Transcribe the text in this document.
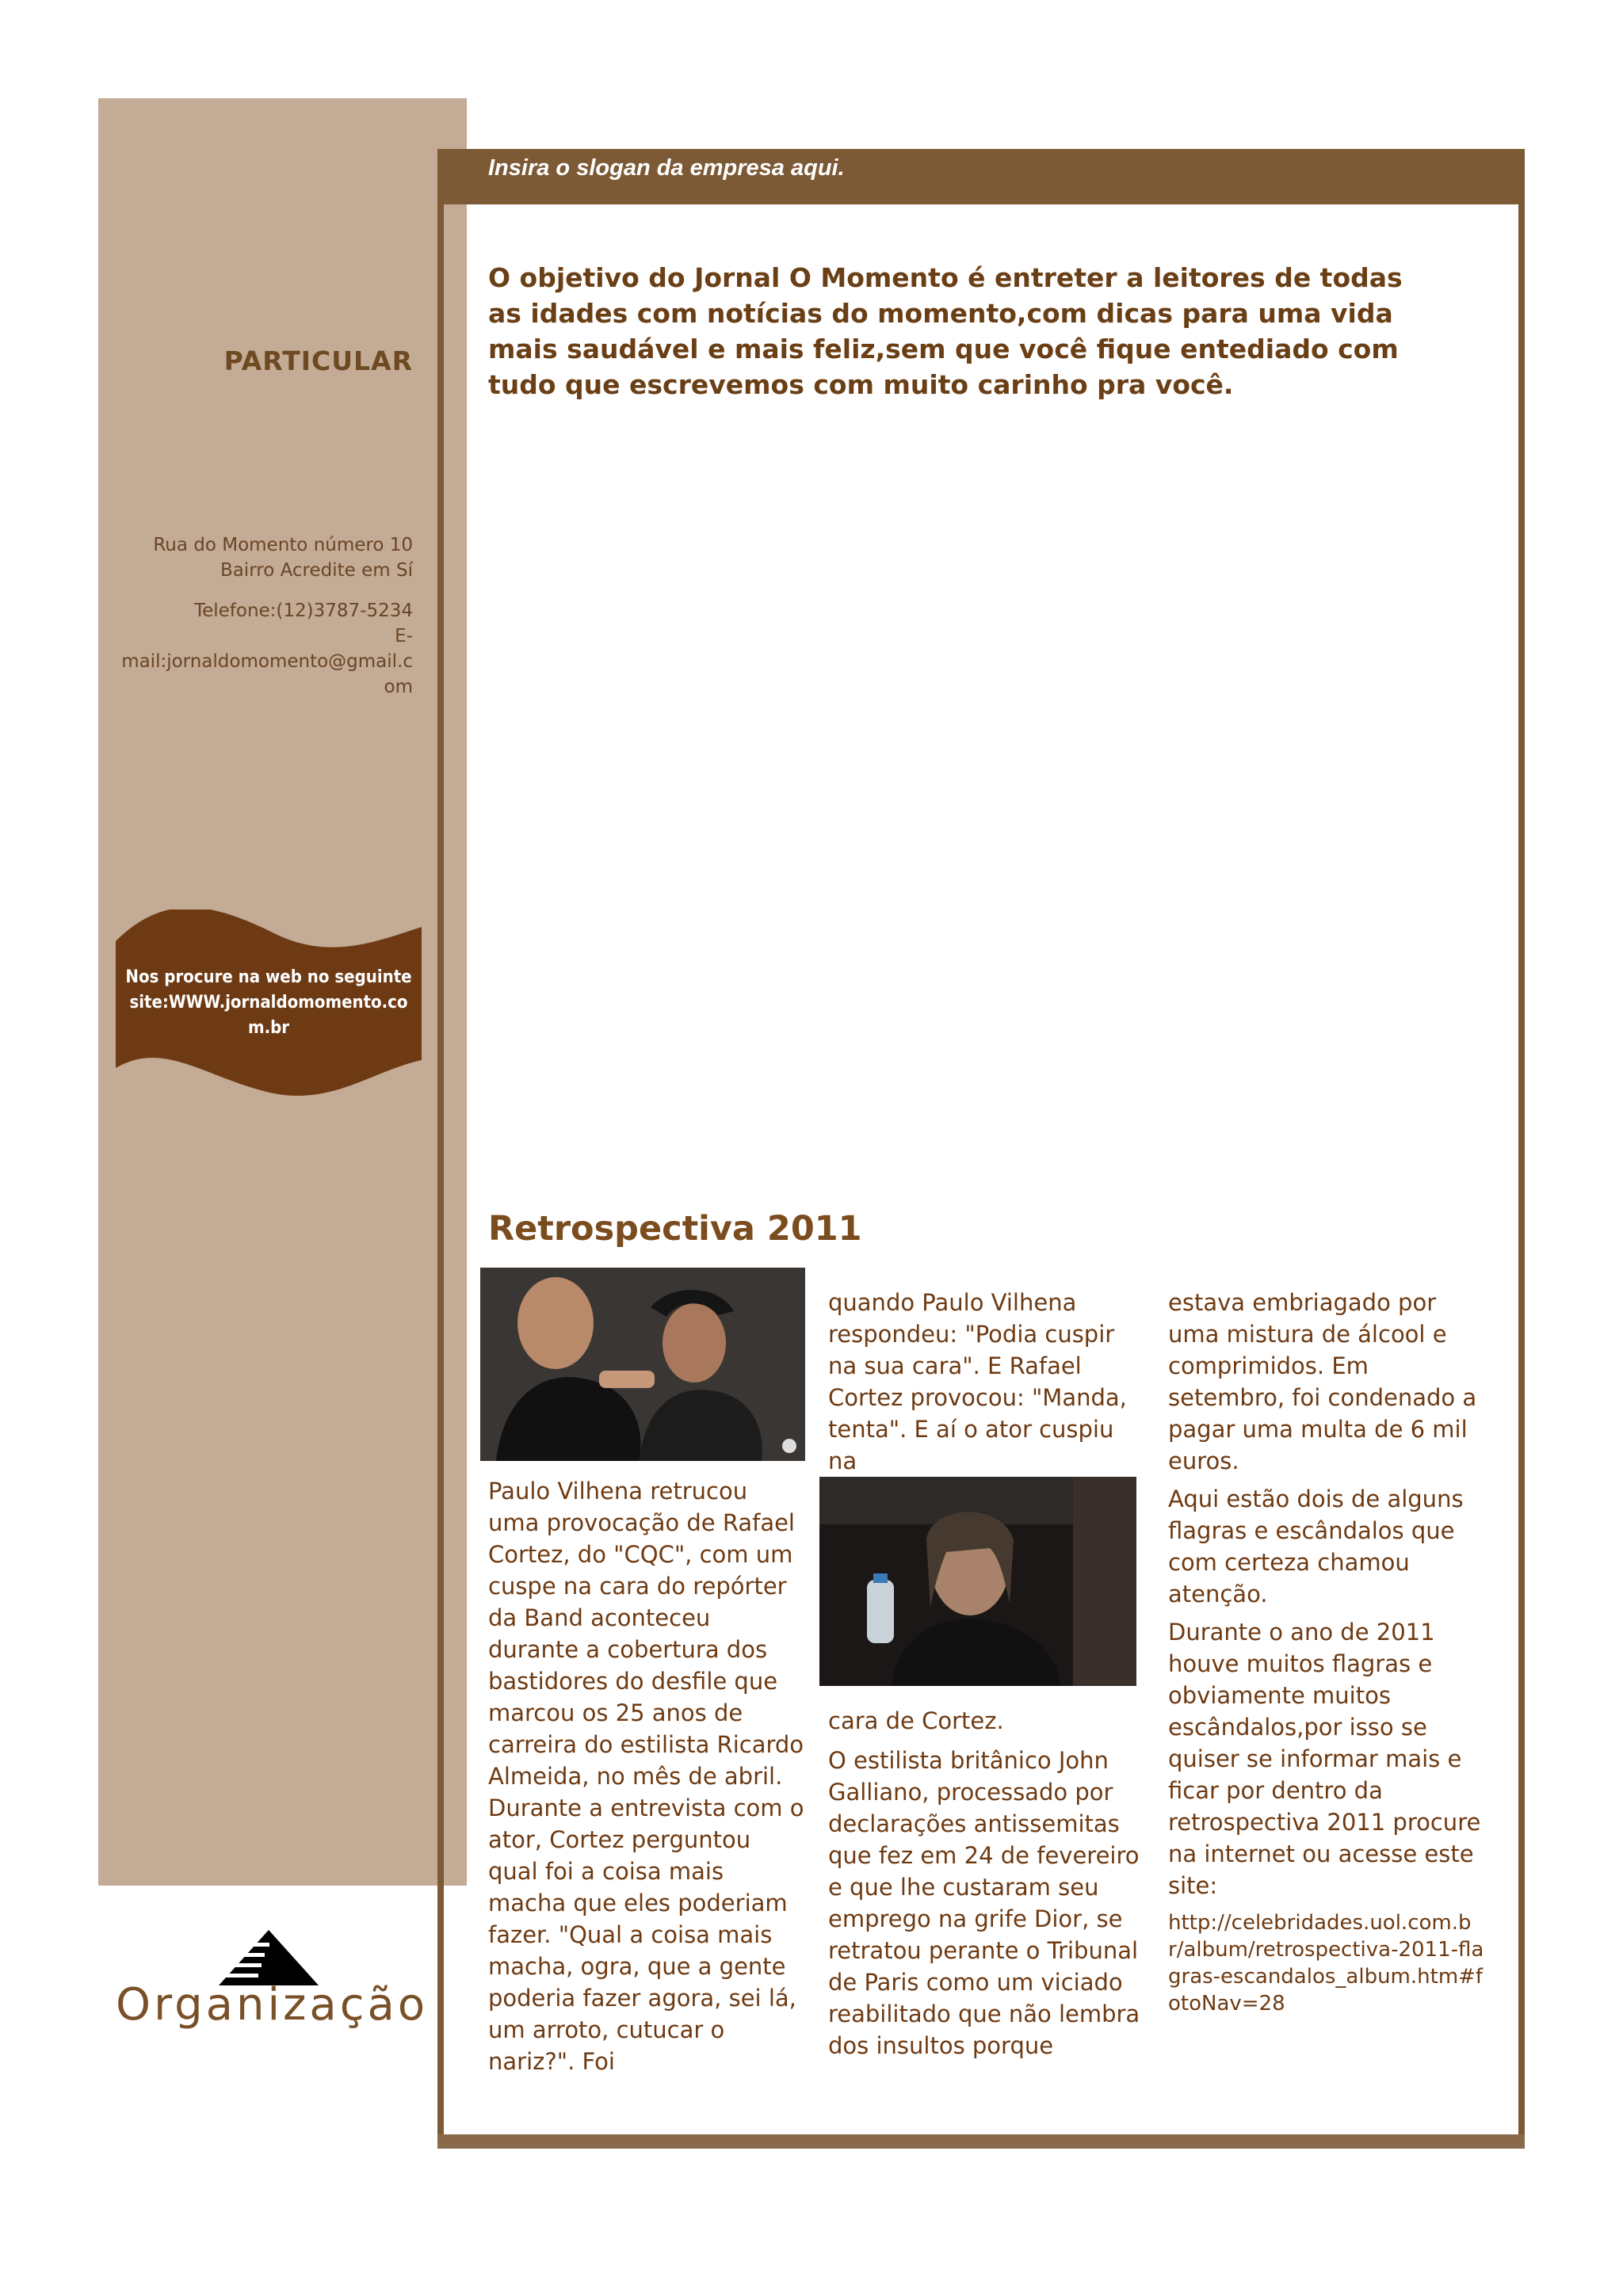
PARTICULAR

Rua do Momento número 10
Bairro Acredite em Sí

Telefone:(12)3787-5234
E-
mail:jornaldomomento@gmail.com

Nos procure na web no seguinte
site:WWW.jornaldomomento.com.br
Organização
Insira o slogan da empresa aqui.
O objetivo do Jornal O Momento é entreter a leitores de todas as idades com notícias do momento,com dicas para uma vida mais saudável e mais feliz,sem que você fique entediado com tudo que escrevemos com muito carinho pra você.
Retrospectiva 2011
Paulo Vilhena retrucou uma provocação de Rafael Cortez, do "CQC", com um cuspe na cara do repórter da Band aconteceu durante a cobertura dos bastidores do desfile que marcou os 25 anos de carreira do estilista Ricardo Almeida, no mês de abril. Durante a entrevista com o ator, Cortez perguntou qual foi a coisa mais macha que eles poderiam fazer. "Qual a coisa mais macha, ogra, que a gente poderia fazer agora, sei lá, um arroto, cutucar o nariz?". Foi
quando Paulo Vilhena respondeu: "Podia cuspir na sua cara". E Rafael Cortez provocou: "Manda, tenta". E aí o ator cuspiu na
cara de Cortez.
O estilista britânico John Galliano, processado por declarações antissemitas que fez em 24 de fevereiro e que lhe custaram seu emprego na grife Dior, se retratou perante o Tribunal de Paris como um viciado reabilitado que não lembra dos insultos porque

estava embriagado por uma mistura de álcool e comprimidos. Em setembro, foi condenado a pagar uma multa de 6 mil euros.

Aqui estão dois de alguns flagras e escândalos que com certeza chamou atenção.

Durante o ano de 2011 houve muitos flagras e obviamente muitos escândalos,por isso se quiser se informar mais e ficar por dentro da retrospectiva 2011 procure na internet ou acesse este site:

http://celebridades.uol.com.br/album/retrospectiva-2011-flagras-escandalos_album.htm#fotoNav=28
